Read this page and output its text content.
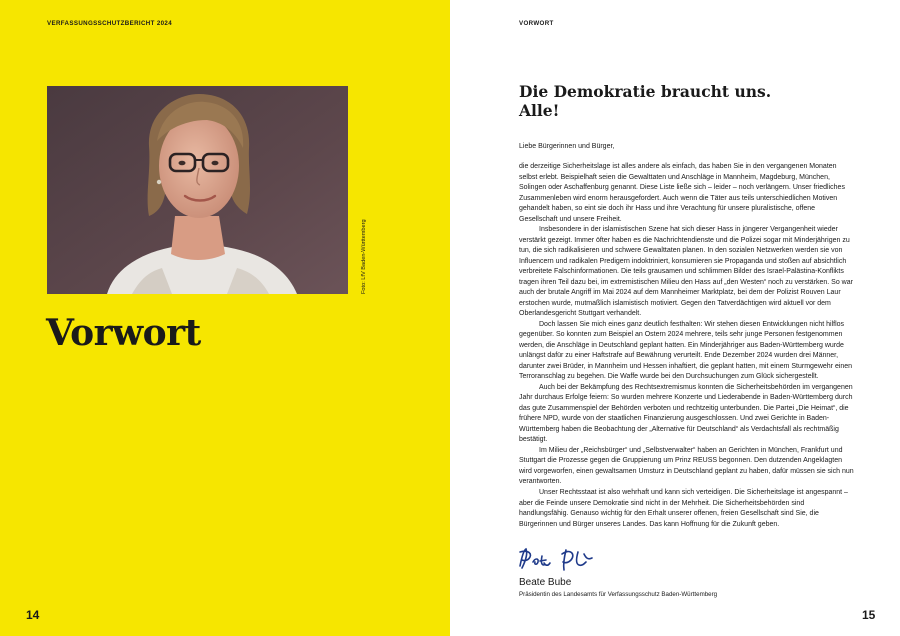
VERFASSUNGSSCHUTZBERICHT 2024
Foto: LfV Baden-Württemberg
Vorwort
14
VORWORT
Die Demokratie braucht uns.
Alle!
Liebe Bürgerinnen und Bürger,

die derzeitige Sicherheitslage ist alles andere als einfach, das haben Sie in den vergangenen Monaten selbst erlebt. Beispielhaft seien die Gewalttaten und Anschläge in Mannheim, Magdeburg, München, Solingen oder Aschaffenburg genannt. Diese Liste ließe sich – leider – noch verlängern. Unser friedliches Zusammenleben wird enorm herausgefordert. Auch wenn die Täter aus teils unterschiedlichen Motiven gehandelt haben, so eint sie doch ihr Hass und ihre Verachtung für unsere pluralistische, offene Gesellschaft und unsere Freiheit.

Insbesondere in der islamistischen Szene hat sich dieser Hass in jüngerer Vergangenheit wieder verstärkt gezeigt. Immer öfter haben es die Nachrichtendienste und die Polizei sogar mit Minderjährigen zu tun, die sich radikalisieren und schwere Gewalttaten planen. In den sozialen Netzwerken werden sie von Influencern und radikalen Predigern indoktriniert, konsumieren sie Propaganda und stoßen auf absichtlich verbreitete Falschinformationen. Die teils grausamen und schlimmen Bilder des Israel-Palästina-Konflikts tragen ihren Teil dazu bei, im extremistischen Milieu den Hass auf „den Westen“ noch zu verstärken. So war auch der brutale Angriff im Mai 2024 auf dem Mannheimer Marktplatz, bei dem der Polizist Rouven Laur erstochen wurde, mutmaßlich islamistisch motiviert. Gegen den Tatverdächtigen wird aktuell vor dem Oberlandesgericht Stuttgart verhandelt.

Doch lassen Sie mich eines ganz deutlich festhalten: Wir stehen diesen Entwicklungen nicht hilflos gegenüber. So konnten zum Beispiel an Ostern 2024 mehrere, teils sehr junge Personen festgenommen werden, die Anschläge in Deutschland geplant hatten. Ein Minderjähriger aus Baden-Württemberg wurde unlängst dafür zu einer Haftstrafe auf Bewährung verurteilt. Ende Dezember 2024 wurden drei Männer, darunter zwei Brüder, in Mannheim und Hessen inhaftiert, die geplant hatten, mit einem Sturmgewehr einen Terroranschlag zu begehen. Die Waffe wurde bei den Durchsuchungen zum Glück sichergestellt.

Auch bei der Bekämpfung des Rechtsextremismus konnten die Sicherheitsbehörden im vergangenen Jahr durchaus Erfolge feiern: So wurden mehrere Konzerte und Liederabende in Baden-Württemberg durch das gute Zusammenspiel der Behörden verboten und rechtzeitig unterbunden. Die Partei „Die Heimat“, die frühere NPD, wurde von der staatlichen Finanzierung ausgeschlossen. Und zwei Gerichte in Baden-Württemberg haben die Beobachtung der „Alternative für Deutschland“ als Verdachtsfall als rechtmäßig bestätigt.

Im Milieu der „Reichsbürger“ und „Selbstverwalter“ haben an Gerichten in München, Frankfurt und Stuttgart die Prozesse gegen die Gruppierung um Prinz REUSS begonnen. Den dutzenden Angeklagten wird vorgeworfen, einen gewaltsamen Umsturz in Deutschland geplant zu haben, dafür müssen sie sich nun verantworten.

Unser Rechtsstaat ist also wehrhaft und kann sich verteidigen. Die Sicherheitslage ist angespannt – aber die Feinde unsere Demokratie sind nicht in der Mehrheit. Die Sicherheitsbehörden sind handlungsfähig. Genauso wichtig für den Erhalt unserer offenen, freien Gesellschaft sind Sie, die Bürgerinnen und Bürger unseres Landes. Das kann Hoffnung für die Zukunft geben.

Beate Bube
Präsidentin des Landesamts für Verfassungsschutz Baden-Württemberg
15
